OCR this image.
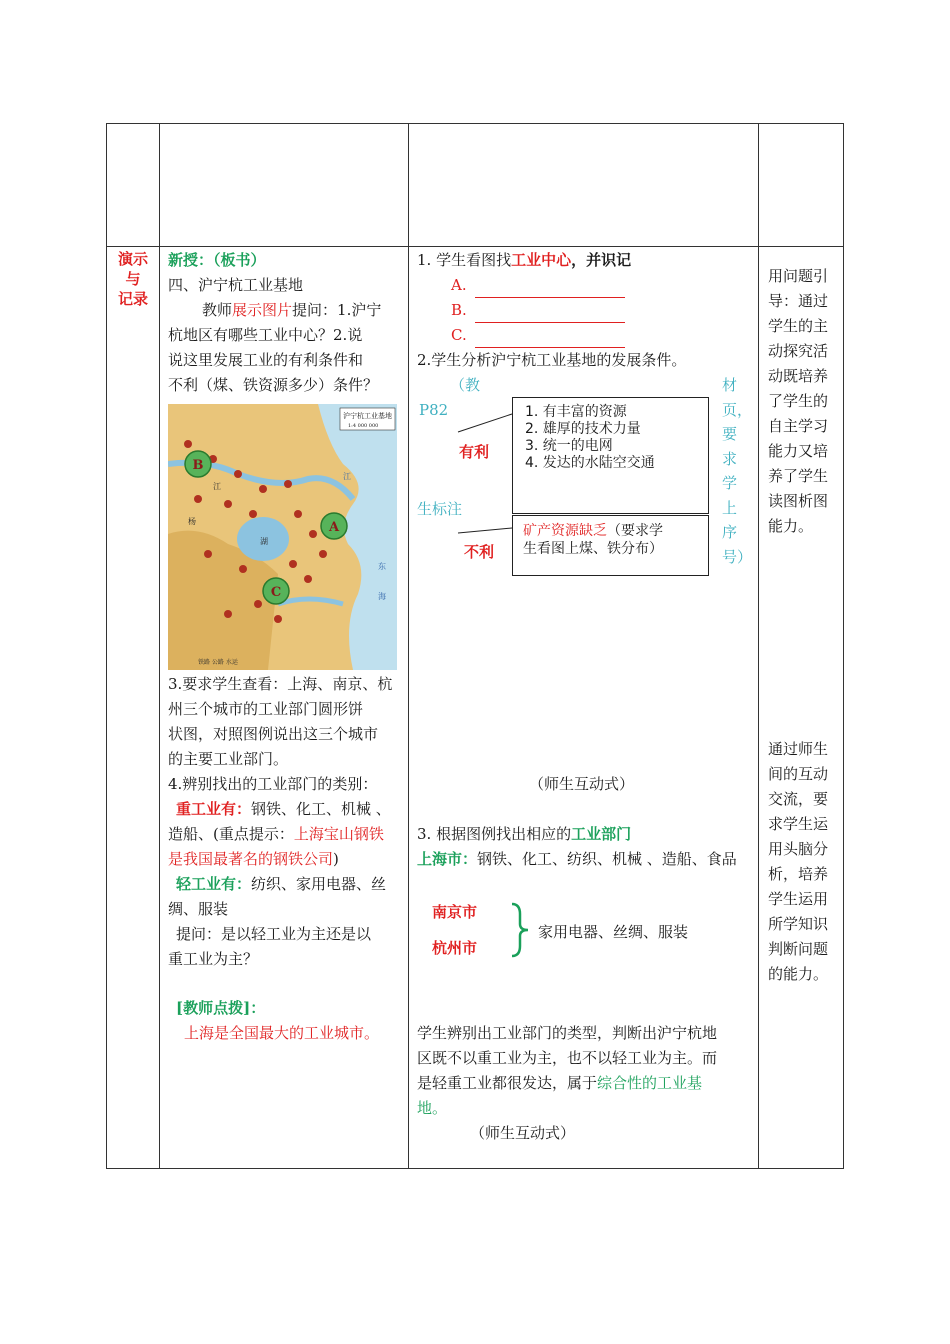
演示
与
记录
新授：（板书）
四、沪宁杭工业基地
教师展示图片提问：1.沪宁
杭地区有哪些工业中心？2.说
说这里发展工业的有利条件和
不利（煤、铁资源多少）条件？
沪宁杭工业基地
1:4 000 000
B
A
C
江
东
海
江
湖
杨
铁路 公路 水运
3.要求学生查看：上海、南京、杭
州三个城市的工业部门圆形饼
状图，对照图例说出这三个城市
的主要工业部门。
4.辨别找出的工业部门的类别：
重工业有：钢铁、化工、机械 、
造船、(重点提示：上海宝山钢铁
是我国最著名的钢铁公司)
轻工业有：纺织、家用电器、丝
绸、服装
提问：是以轻工业为主还是以
重工业为主？
[教师点拨]：
上海是全国最大的工业城市。
1. 学生看图找工业中心，并识记
A.
B.
C.
2.学生分析沪宁杭工业基地的发展条件。
（教
P82
生标注
材
页，
要
求
学
上
序
号）
有利
不利
1. 有丰富的资源
2. 雄厚的技术力量
3. 统一的电网
4. 发达的水陆空交通
矿产资源缺乏（要求学
生看图上煤、铁分布）
（师生互动式）
3. 根据图例找出相应的工业部门
上海市：钢铁、化工、纺织、机械 、造船、食品
南京市
杭州市
家用电器、丝绸、服装
学生辨别出工业部门的类型，判断出沪宁杭地
区既不以重工业为主，也不以轻工业为主。而
是轻重工业都很发达，属于综合性的工业基
地。
（师生互动式）
用问题引
导：通过
学生的主
动探究活
动既培养
了学生的
自主学习
能力又培
养了学生
读图析图
能力。
通过师生
间的互动
交流，要
求学生运
用头脑分
析，培养
学生运用
所学知识
判断问题
的能力。
